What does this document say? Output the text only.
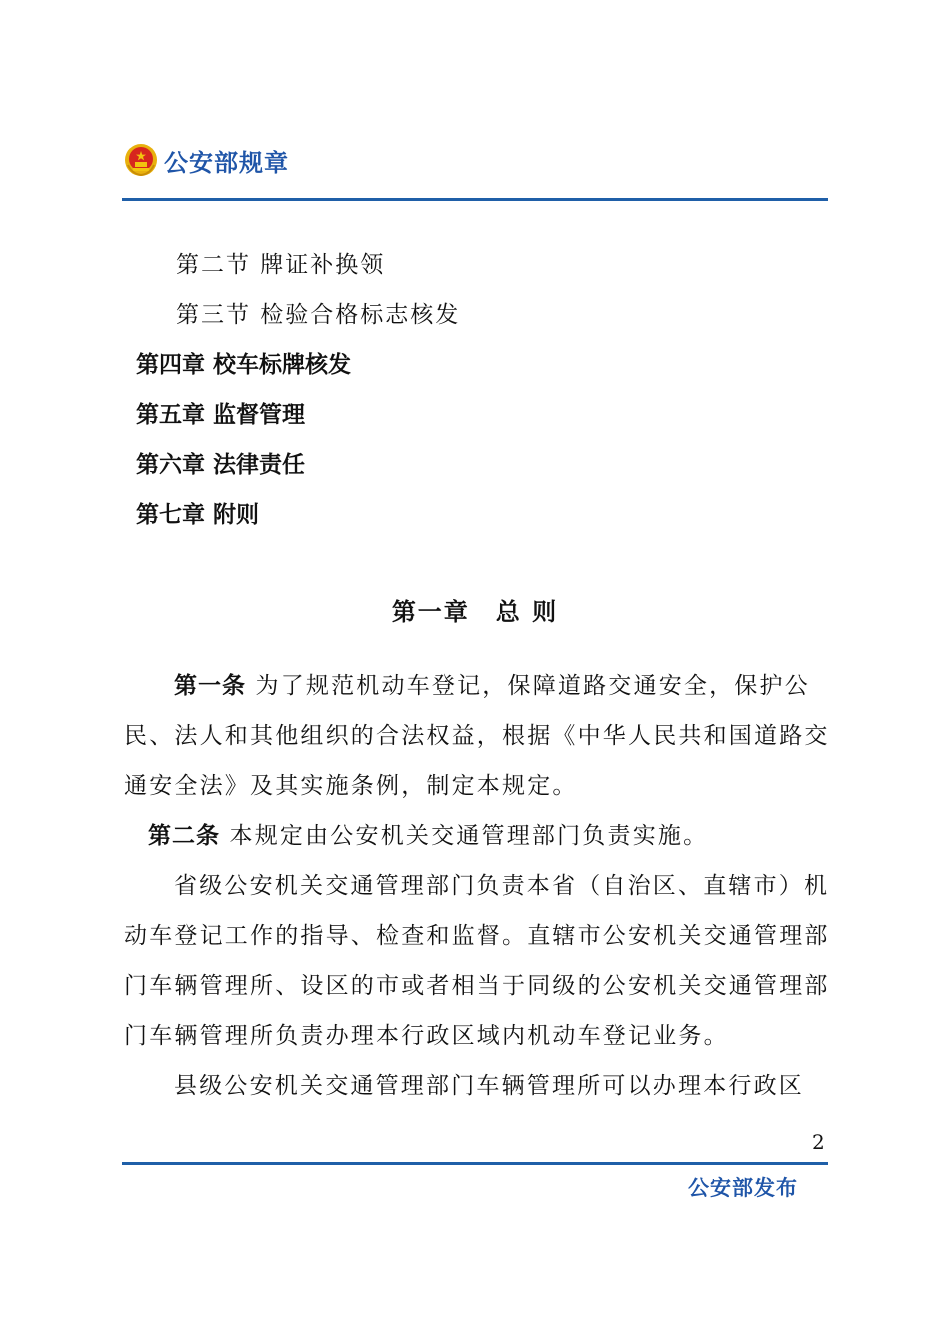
公安部规章
第二节 牌证补换领
第三节 检验合格标志核发
第四章 校车标牌核发
第五章 监督管理
第六章 法律责任
第七章 附则
第一章　总 则
第一条 为了规范机动车登记，保障道路交通安全，保护公
民、法人和其他组织的合法权益，根据《中华人民共和国道路交
通安全法》及其实施条例，制定本规定。
第二条 本规定由公安机关交通管理部门负责实施。
省级公安机关交通管理部门负责本省（自治区、直辖市）机
动车登记工作的指导、检查和监督。直辖市公安机关交通管理部
门车辆管理所、设区的市或者相当于同级的公安机关交通管理部
门车辆管理所负责办理本行政区域内机动车登记业务。
县级公安机关交通管理部门车辆管理所可以办理本行政区
2
公安部发布
